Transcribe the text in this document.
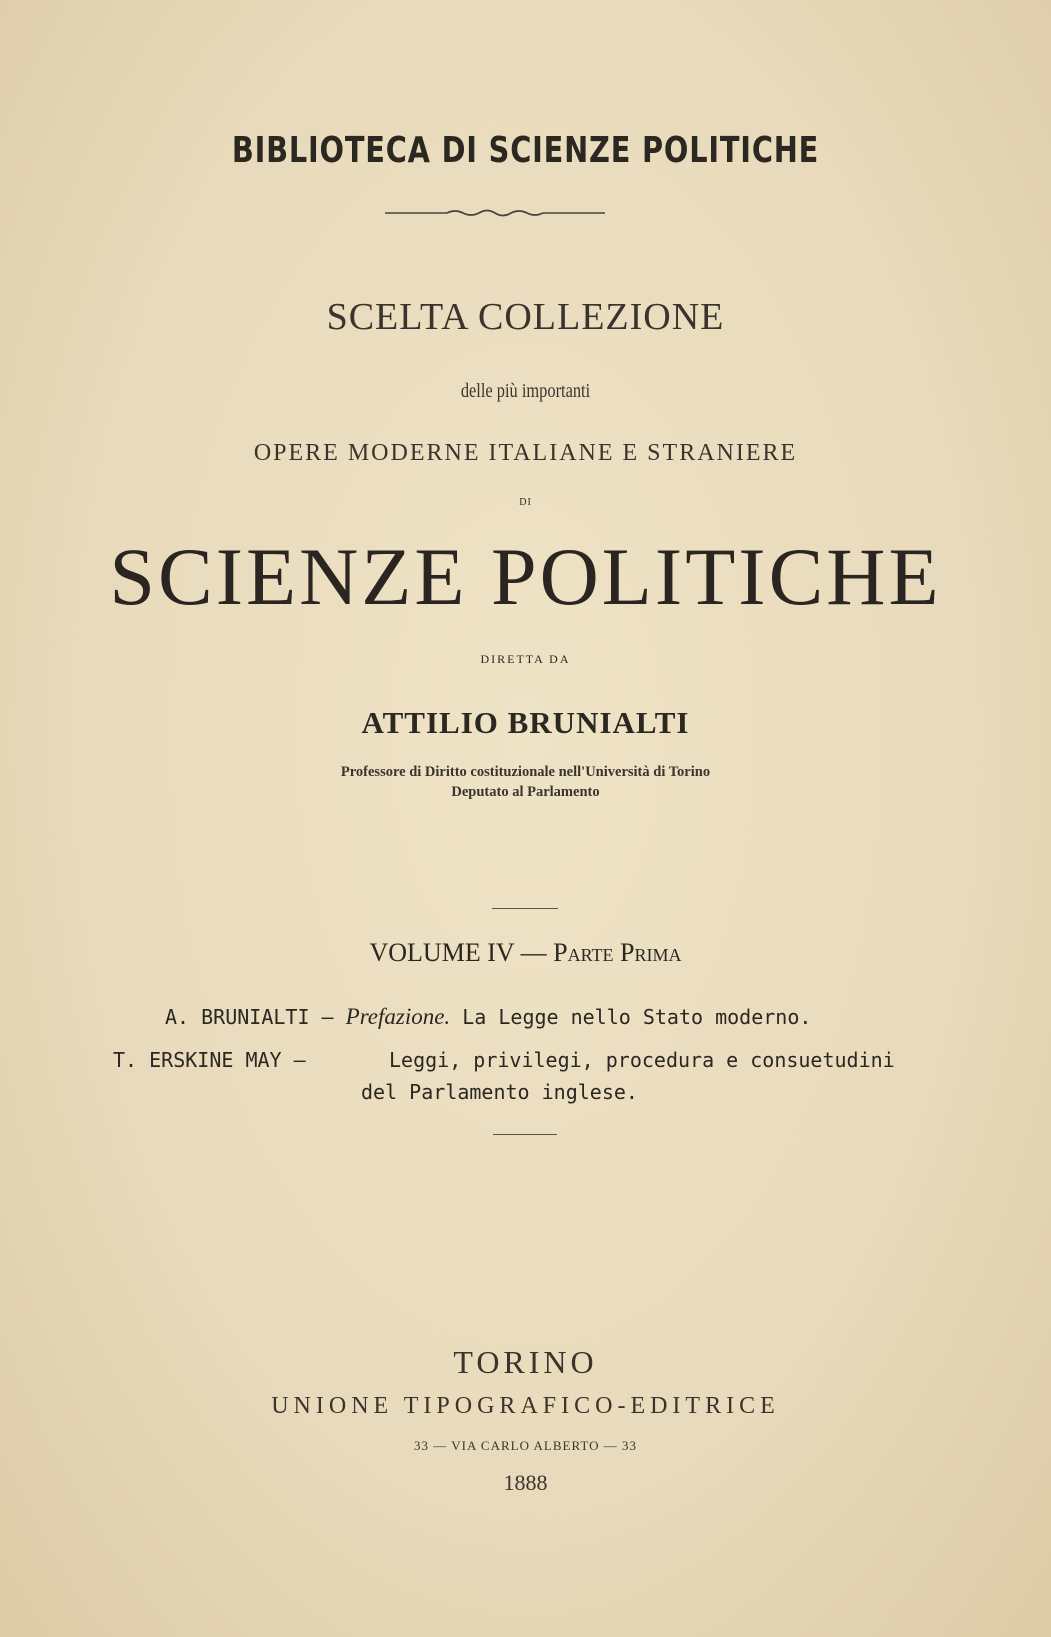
BIBLIOTECA DI SCIENZE POLITICHE
SCELTA COLLEZIONE
delle più importanti
OPERE MODERNE ITALIANE E STRANIERE
DI
SCIENZE POLITICHE
DIRETTA DA
ATTILIO BRUNIALTI
Professore di Diritto costituzionale nell'Università di Torino
Deputato al Parlamento
VOLUME IV — Parte Prima
A. BRUNIALTI — Prefazione. La Legge nello Stato moderno.
T. ERSKINE MAY —	Leggi, privilegi, procedura e consuetudini
del Parlamento inglese.
TORINO
UNIONE TIPOGRAFICO-EDITRICE
33 — VIA CARLO ALBERTO — 33
1888
